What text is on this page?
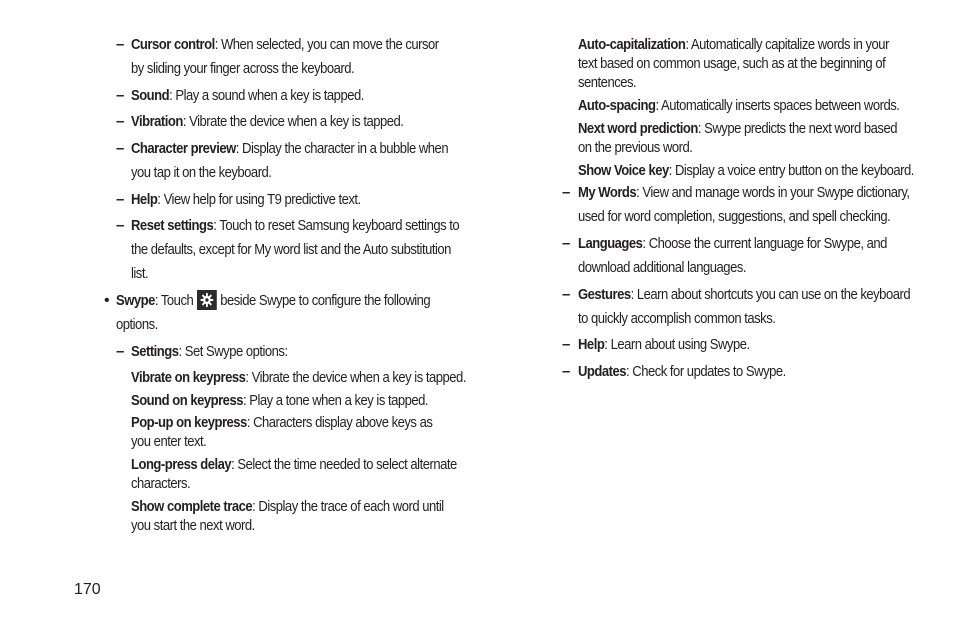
– Cursor control: When selected, you can move the cursor by sliding your finger across the keyboard.
– Sound: Play a sound when a key is tapped.
– Vibration: Vibrate the device when a key is tapped.
– Character preview: Display the character in a bubble when you tap it on the keyboard.
– Help: View help for using T9 predictive text.
– Reset settings: Touch to reset Samsung keyboard settings to the defaults, except for My word list and the Auto substitution list.
• Swype: Touch beside Swype to configure the following options.
– Settings: Set Swype options:
Vibrate on keypress: Vibrate the device when a key is tapped.
Sound on keypress: Play a tone when a key is tapped.
Pop-up on keypress: Characters display above keys as you enter text.
Long-press delay: Select the time needed to select alternate characters.
Show complete trace: Display the trace of each word until you start the next word.
Auto-capitalization: Automatically capitalize words in your text based on common usage, such as at the beginning of sentences.
Auto-spacing: Automatically inserts spaces between words.
Next word prediction: Swype predicts the next word based on the previous word.
Show Voice key: Display a voice entry button on the keyboard.
– My Words: View and manage words in your Swype dictionary, used for word completion, suggestions, and spell checking.
– Languages: Choose the current language for Swype, and download additional languages.
– Gestures: Learn about shortcuts you can use on the keyboard to quickly accomplish common tasks.
– Help: Learn about using Swype.
– Updates: Check for updates to Swype.
170
